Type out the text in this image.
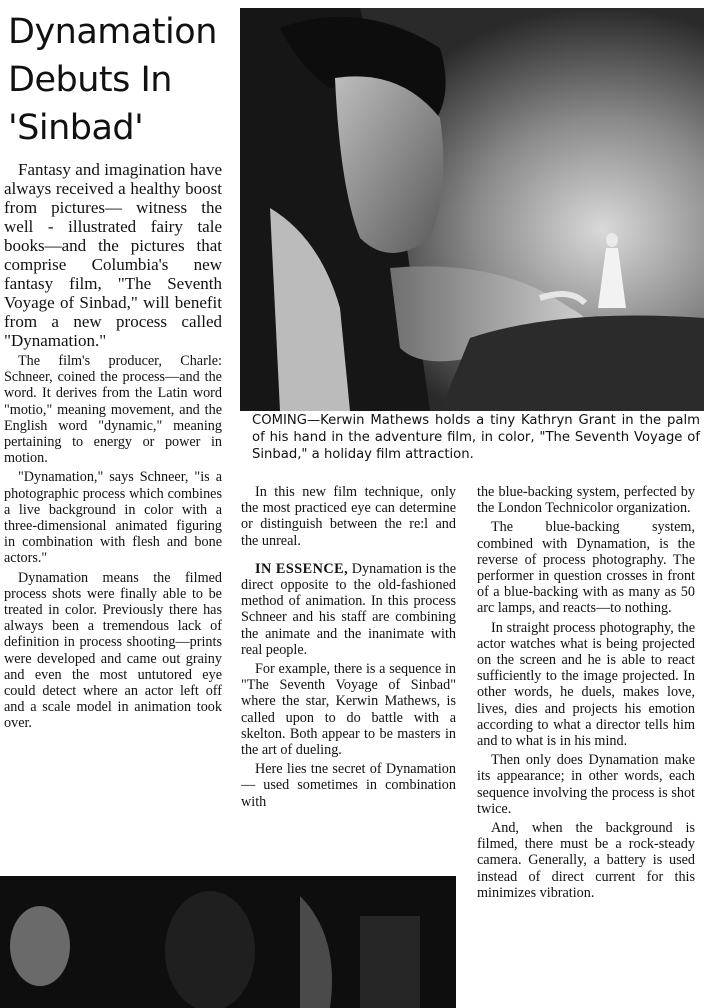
Dynamation
Debuts In
'Sinbad'

Fantasy and imagination have always received a healthy boost from pictures— witness the well - illustrated fairy tale books—and the pictures that comprise Columbia's new fantasy film, "The Seventh Voyage of Sinbad," will benefit from a new process called "Dynamation."

The film's producer, Charle: Schneer, coined the process—and the word. It derives from the Latin word "motio," meaning movement, and the English word "dynamic," meaning pertaining to energy or power in motion.

"Dynamation," says Schneer, "is a photographic process which combines a live background in color with a three-dimensional animated figuring in combination with flesh and bone actors."

Dynamation means the filmed process shots were finally able to be treated in color. Previously there has always been a tremendous lack of definition in process shooting—prints were developed and came out grainy and even the most untutored eye could detect where an actor left off and a scale model in animation took over.

COMING—Kerwin Mathews holds a tiny Kathryn Grant in the palm of his hand in the adventure film, in color, "The Seventh Voyage of Sinbad," a holiday film attraction.

In this new film technique, only the most practiced eye can determine or distinguish between the re:l and the unreal.

IN ESSENCE, Dynamation is the direct opposite to the old-fashioned method of animation. In this process Schneer and his staff are combining the animate and the inanimate with real people.

For example, there is a sequence in "The Seventh Voyage of Sinbad" where the star, Kerwin Mathews, is called upon to do battle with a skelton. Both appear to be masters in the art of dueling.

Here lies tne secret of Dynamation — used sometimes in combination with

the blue-backing system, perfected by the London Technicolor organization.

The blue-backing system, combined with Dynamation, is the reverse of process photography. The performer in question crosses in front of a blue-backing with as many as 50 arc lamps, and reacts—to nothing.

In straight process photography, the actor watches what is being projected on the screen and he is able to react sufficiently to the image projected. In other words, he duels, makes love, lives, dies and projects his emotion according to what a director tells him and to what is in his mind.

Then only does Dynamation make its appearance; in other words, each sequence involving the process is shot twice.

And, when the background is filmed, there must be a rock-steady camera. Generally, a battery is used instead of direct current for this minimizes vibration.
